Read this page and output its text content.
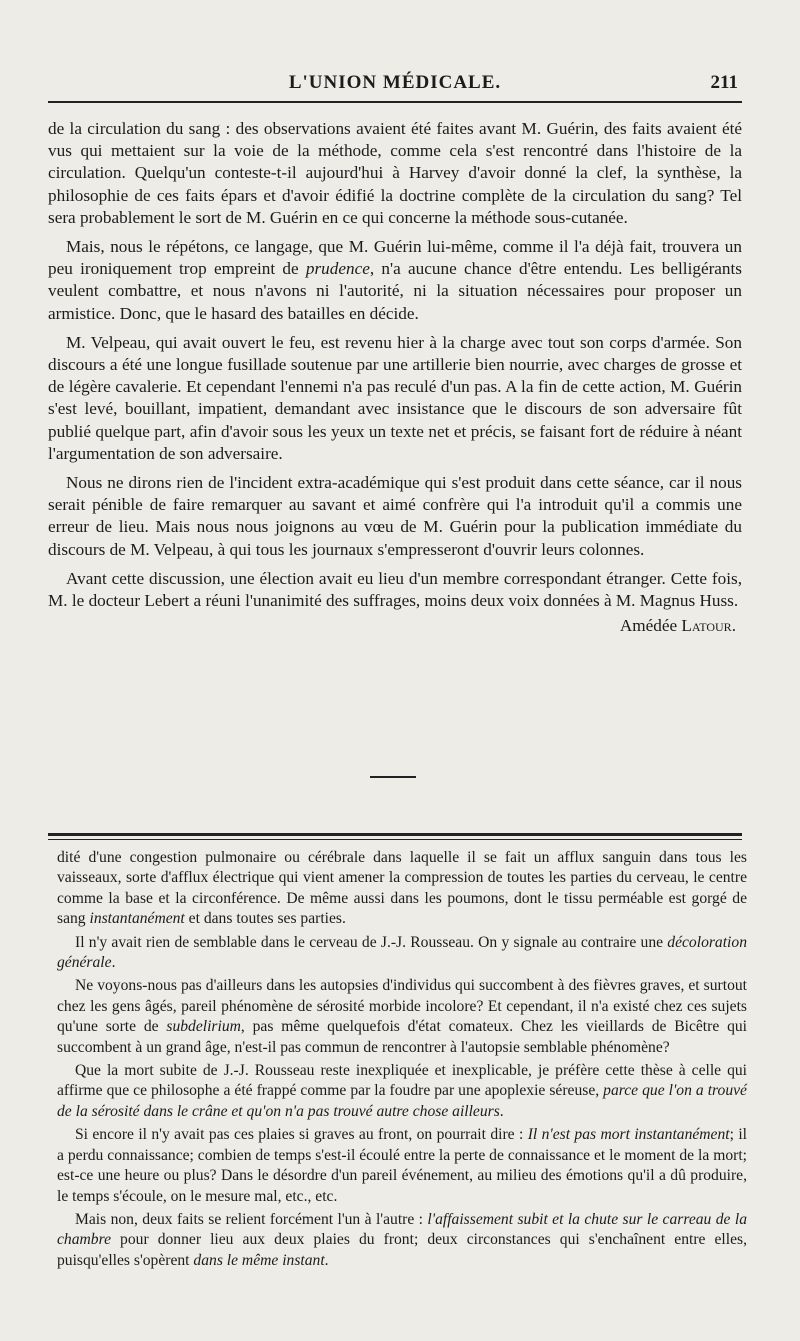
L'UNION MÉDICALE.	211

de la circulation du sang : des observations avaient été faites avant M. Guérin, des faits avaient été vus qui mettaient sur la voie de la méthode, comme cela s'est rencontré dans l'histoire de la circulation. Quelqu'un conteste-t-il aujourd'hui à Harvey d'avoir donné la clef, la synthèse, la philosophie de ces faits épars et d'avoir édifié la doctrine complète de la circulation du sang? Tel sera probablement le sort de M. Guérin en ce qui concerne la méthode sous-cutanée.

Mais, nous le répétons, ce langage, que M. Guérin lui-même, comme il l'a déjà fait, trouvera un peu ironiquement trop empreint de prudence, n'a aucune chance d'être entendu. Les belligérants veulent combattre, et nous n'avons ni l'autorité, ni la situation nécessaires pour proposer un armistice. Donc, que le hasard des batailles en décide.

M. Velpeau, qui avait ouvert le feu, est revenu hier à la charge avec tout son corps d'armée. Son discours a été une longue fusillade soutenue par une artillerie bien nourrie, avec charges de grosse et de légère cavalerie. Et cependant l'ennemi n'a pas reculé d'un pas. A la fin de cette action, M. Guérin s'est levé, bouillant, impatient, demandant avec insistance que le discours de son adversaire fût publié quelque part, afin d'avoir sous les yeux un texte net et précis, se faisant fort de réduire à néant l'argumentation de son adversaire.

Nous ne dirons rien de l'incident extra-académique qui s'est produit dans cette séance, car il nous serait pénible de faire remarquer au savant et aimé confrère qui l'a introduit qu'il a commis une erreur de lieu. Mais nous nous joignons au vœu de M. Guérin pour la publication immédiate du discours de M. Velpeau, à qui tous les journaux s'empresseront d'ouvrir leurs colonnes.

Avant cette discussion, une élection avait eu lieu d'un membre correspondant étranger. Cette fois, M. le docteur Lebert a réuni l'unanimité des suffrages, moins deux voix données à M. Magnus Huss.

Amédée Latour.

dité d'une congestion pulmonaire ou cérébrale dans laquelle il se fait un afflux sanguin dans tous les vaisseaux, sorte d'afflux électrique qui vient amener la compression de toutes les parties du cerveau, le centre comme la base et la circonférence. De même aussi dans les poumons, dont le tissu perméable est gorgé de sang instantanément et dans toutes ses parties.

Il n'y avait rien de semblable dans le cerveau de J.-J. Rousseau. On y signale au contraire une décoloration générale.

Ne voyons-nous pas d'ailleurs dans les autopsies d'individus qui succombent à des fièvres graves, et surtout chez les gens âgés, pareil phénomène de sérosité morbide incolore? Et cependant, il n'a existé chez ces sujets qu'une sorte de subdelirium, pas même quelquefois d'état comateux. Chez les vieillards de Bicêtre qui succombent à un grand âge, n'est-il pas commun de rencontrer à l'autopsie semblable phénomène?

Que la mort subite de J.-J. Rousseau reste inexpliquée et inexplicable, je préfère cette thèse à celle qui affirme que ce philosophe a été frappé comme par la foudre par une apoplexie séreuse, parce que l'on a trouvé de la sérosité dans le crâne et qu'on n'a pas trouvé autre chose ailleurs.

Si encore il n'y avait pas ces plaies si graves au front, on pourrait dire : Il n'est pas mort instantanément; il a perdu connaissance; combien de temps s'est-il écoulé entre la perte de connaissance et le moment de la mort; est-ce une heure ou plus? Dans le désordre d'un pareil événement, au milieu des émotions qu'il a dû produire, le temps s'écoule, on le mesure mal, etc., etc.

Mais non, deux faits se relient forcément l'un à l'autre : l'affaissement subit et la chute sur le carreau de la chambre pour donner lieu aux deux plaies du front; deux circonstances qui s'enchaînent entre elles, puisqu'elles s'opèrent dans le même instant.
